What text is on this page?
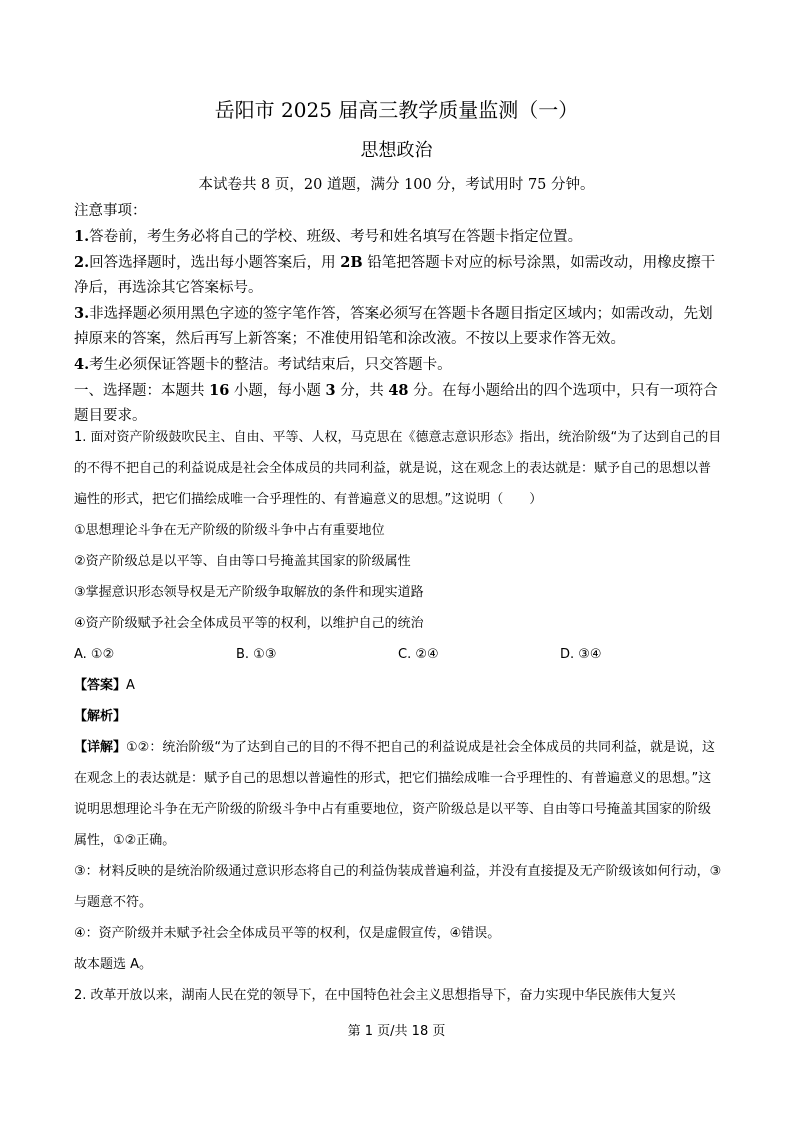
岳阳市 2025 届高三教学质量监测（一）
思想政治
本试卷共 8 页，20 道题，满分 100 分，考试用时 75 分钟。

注意事项：

1.答卷前，考生务必将自己的学校、班级、考号和姓名填写在答题卡指定位置。

2.回答选择题时，选出每小题答案后，用 2B 铅笔把答题卡对应的标号涂黑，如需改动，用橡皮擦干净后，再选涂其它答案标号。

3.非选择题必须用黑色字迹的签字笔作答，答案必须写在答题卡各题目指定区域内；如需改动，先划掉原来的答案，然后再写上新答案；不准使用铅笔和涂改液。不按以上要求作答无效。

4.考生必须保证答题卡的整洁。考试结束后，只交答题卡。

一、选择题：本题共 16 小题，每小题 3 分，共 48 分。在每小题给出的四个选项中，只有一项符合题目要求。

1. 面对资产阶级鼓吹民主、自由、平等、人权，马克思在《德意志意识形态》指出，统治阶级“为了达到自己的目的不得不把自己的利益说成是社会全体成员的共同利益，就是说，这在观念上的表达就是：赋予自己的思想以普遍性的形式，把它们描绘成唯一合乎理性的、有普遍意义的思想。”这说明（　　）

①思想理论斗争在无产阶级的阶级斗争中占有重要地位

②资产阶级总是以平等、自由等口号掩盖其国家的阶级属性

③掌握意识形态领导权是无产阶级争取解放的条件和现实道路

④资产阶级赋予社会全体成员平等的权利，以维护自己的统治

A. ①②	B. ①③	C. ②④	D. ③④

【答案】A

【解析】

【详解】①②：统治阶级“为了达到自己的目的不得不把自己的利益说成是社会全体成员的共同利益，就是说，这在观念上的表达就是：赋予自己的思想以普遍性的形式，把它们描绘成唯一合乎理性的、有普遍意义的思想。”这说明思想理论斗争在无产阶级的阶级斗争中占有重要地位，资产阶级总是以平等、自由等口号掩盖其国家的阶级属性，①②正确。

③：材料反映的是统治阶级通过意识形态将自己的利益伪装成普遍利益，并没有直接提及无产阶级该如何行动，③与题意不符。

④：资产阶级并未赋予社会全体成员平等的权利，仅是虚假宣传，④错误。

故本题选 A。

2. 改革开放以来，湖南人民在党的领导下，在中国特色社会主义思想指导下，奋力实现中华民族伟大复兴

第 1 页/共 18 页
